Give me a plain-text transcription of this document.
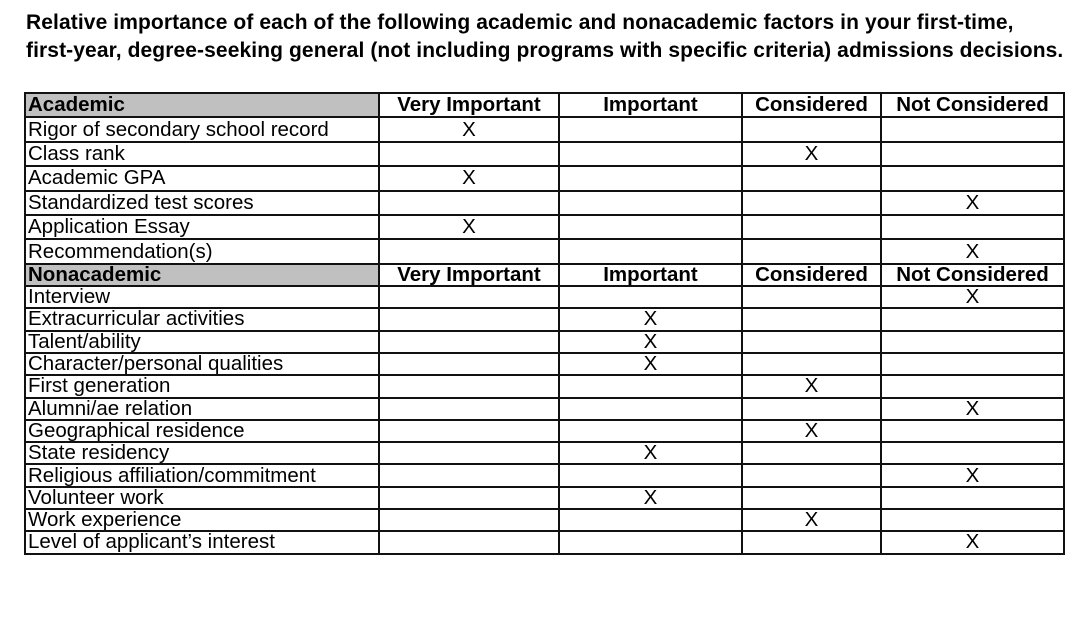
Relative importance of each of the following academic and nonacademic factors in your first-time, first-year, degree-seeking general (not including programs with specific criteria) admissions decisions.
Academic	Very Important	Important	Considered	Not Considered
Rigor of secondary school record	X			
Class rank			X	
Academic GPA	X			
Standardized test scores				X
Application Essay	X			
Recommendation(s)				X
Nonacademic	Very Important	Important	Considered	Not Considered
Interview				X
Extracurricular activities		X		
Talent/ability		X		
Character/personal qualities		X		
First generation			X	
Alumni/ae relation				X
Geographical residence			X	
State residency		X		
Religious affiliation/commitment				X
Volunteer work		X		
Work experience			X	
Level of applicant’s interest				X
